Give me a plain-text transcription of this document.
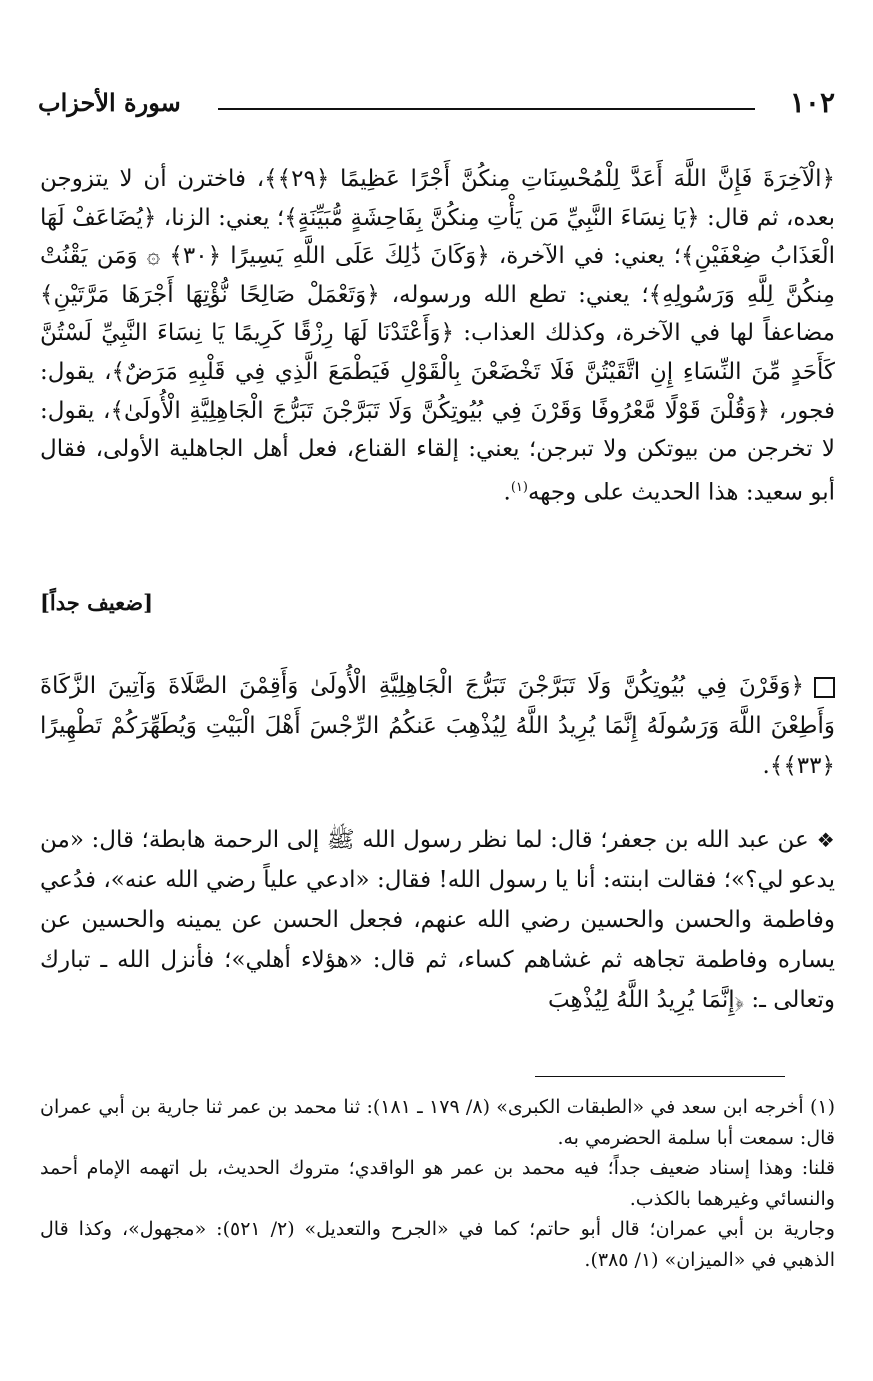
١٠٢
سورة الأحزاب

﴿الْآخِرَةَ فَإِنَّ اللَّهَ أَعَدَّ لِلْمُحْسِنَاتِ مِنكُنَّ أَجْرًا عَظِيمًا ﴿٢٩﴾﴾، فاخترن أن لا يتزوجن بعده، ثم قال: ﴿يَا نِسَاءَ النَّبِيِّ مَن يَأْتِ مِنكُنَّ بِفَاحِشَةٍ مُّبَيِّنَةٍ﴾؛ يعني: الزنا، ﴿يُضَاعَفْ لَهَا الْعَذَابُ ضِعْفَيْنِ﴾؛ يعني: في الآخرة، ﴿وَكَانَ ذَٰلِكَ عَلَى اللَّهِ يَسِيرًا ﴿٣٠﴾ ۞ وَمَن يَقْنُتْ مِنكُنَّ لِلَّهِ وَرَسُولِهِ﴾؛ يعني: تطع الله ورسوله، ﴿وَتَعْمَلْ صَالِحًا نُّؤْتِهَا أَجْرَهَا مَرَّتَيْنِ﴾ مضاعفاً لها في الآخرة، وكذلك العذاب: ﴿وَأَعْتَدْنَا لَهَا رِزْقًا كَرِيمًا يَا نِسَاءَ النَّبِيِّ لَسْتُنَّ كَأَحَدٍ مِّنَ النِّسَاءِ إِنِ اتَّقَيْتُنَّ فَلَا تَخْضَعْنَ بِالْقَوْلِ فَيَطْمَعَ الَّذِي فِي قَلْبِهِ مَرَضٌ﴾، يقول: فجور، ﴿وَقُلْنَ قَوْلًا مَّعْرُوفًا وَقَرْنَ فِي بُيُوتِكُنَّ وَلَا تَبَرَّجْنَ تَبَرُّجَ الْجَاهِلِيَّةِ الْأُولَىٰ﴾، يقول: لا تخرجن من بيوتكن ولا تبرجن؛ يعني: إلقاء القناع، فعل أهل الجاهلية الأولى، فقال أبو سعيد: هذا الحديث على وجهه$^{(١)}$.

[ضعيف جداً]
﴿وَقَرْنَ فِي بُيُوتِكُنَّ وَلَا تَبَرَّجْنَ تَبَرُّجَ الْجَاهِلِيَّةِ الْأُولَىٰ وَأَقِمْنَ الصَّلَاةَ وَآتِينَ الزَّكَاةَ وَأَطِعْنَ اللَّهَ وَرَسُولَهُ إِنَّمَا يُرِيدُ اللَّهُ لِيُذْهِبَ عَنكُمُ الرِّجْسَ أَهْلَ الْبَيْتِ وَيُطَهِّرَكُمْ تَطْهِيرًا ﴿٣٣﴾﴾.
❖عن عبد الله بن جعفر؛ قال: لما نظر رسول الله ﷺ إلى الرحمة هابطة؛ قال: «من يدعو لي؟»؛ فقالت ابنته: أنا يا رسول الله! فقال: «ادعي علياً رضي الله عنه»، فدُعي وفاطمة والحسن والحسين رضي الله عنهم، فجعل الحسن عن يمينه والحسين عن يساره وفاطمة تجاهه ثم غشاهم كساء، ثم قال: «هؤلاء أهلي»؛ فأنزل الله ـ تبارك وتعالى ـ: ﴿إِنَّمَا يُرِيدُ اللَّهُ لِيُذْهِبَ

(١) أخرجه ابن سعد في «الطبقات الكبرى» (٨/ ١٧٩ ـ ١٨١): ثنا محمد بن عمر ثنا جارية بن أبي عمران قال: سمعت أبا سلمة الحضرمي به.

قلنا: وهذا إسناد ضعيف جداً؛ فيه محمد بن عمر هو الواقدي؛ متروك الحديث، بل اتهمه الإمام أحمد والنسائي وغيرهما بالكذب.

وجارية بن أبي عمران؛ قال أبو حاتم؛ كما في «الجرح والتعديل» (٢/ ٥٢١): «مجهول»، وكذا قال الذهبي في «الميزان» (١/ ٣٨٥).
